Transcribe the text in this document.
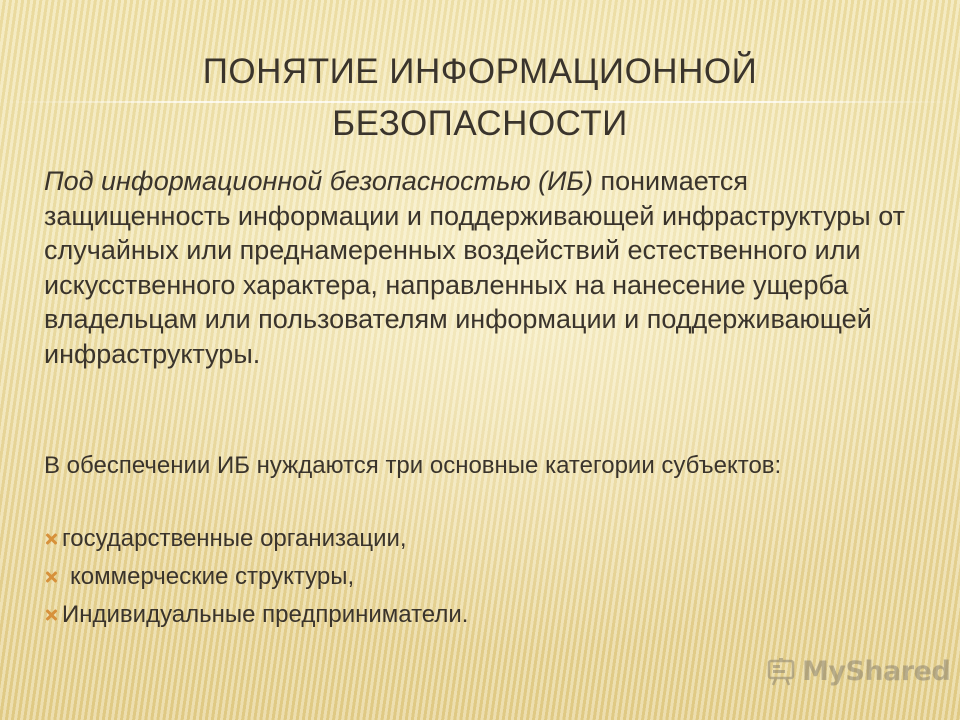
ПОНЯТИЕ ИНФОРМАЦИОННОЙ БЕЗОПАСНОСТИ

Под информационной безопасностью (ИБ) понимается защищенность информации и поддерживающей инфраструктуры от случайных или преднамеренных воздействий естественного или искусственного характера, направленных на нанесение ущерба владельцам или пользователям информации и поддерживающей инфраструктуры.

В обеспечении ИБ нуждаются три основные категории субъектов:

государственные организации,
коммерческие структуры,
Индивидуальные предприниматели.
MyShared
